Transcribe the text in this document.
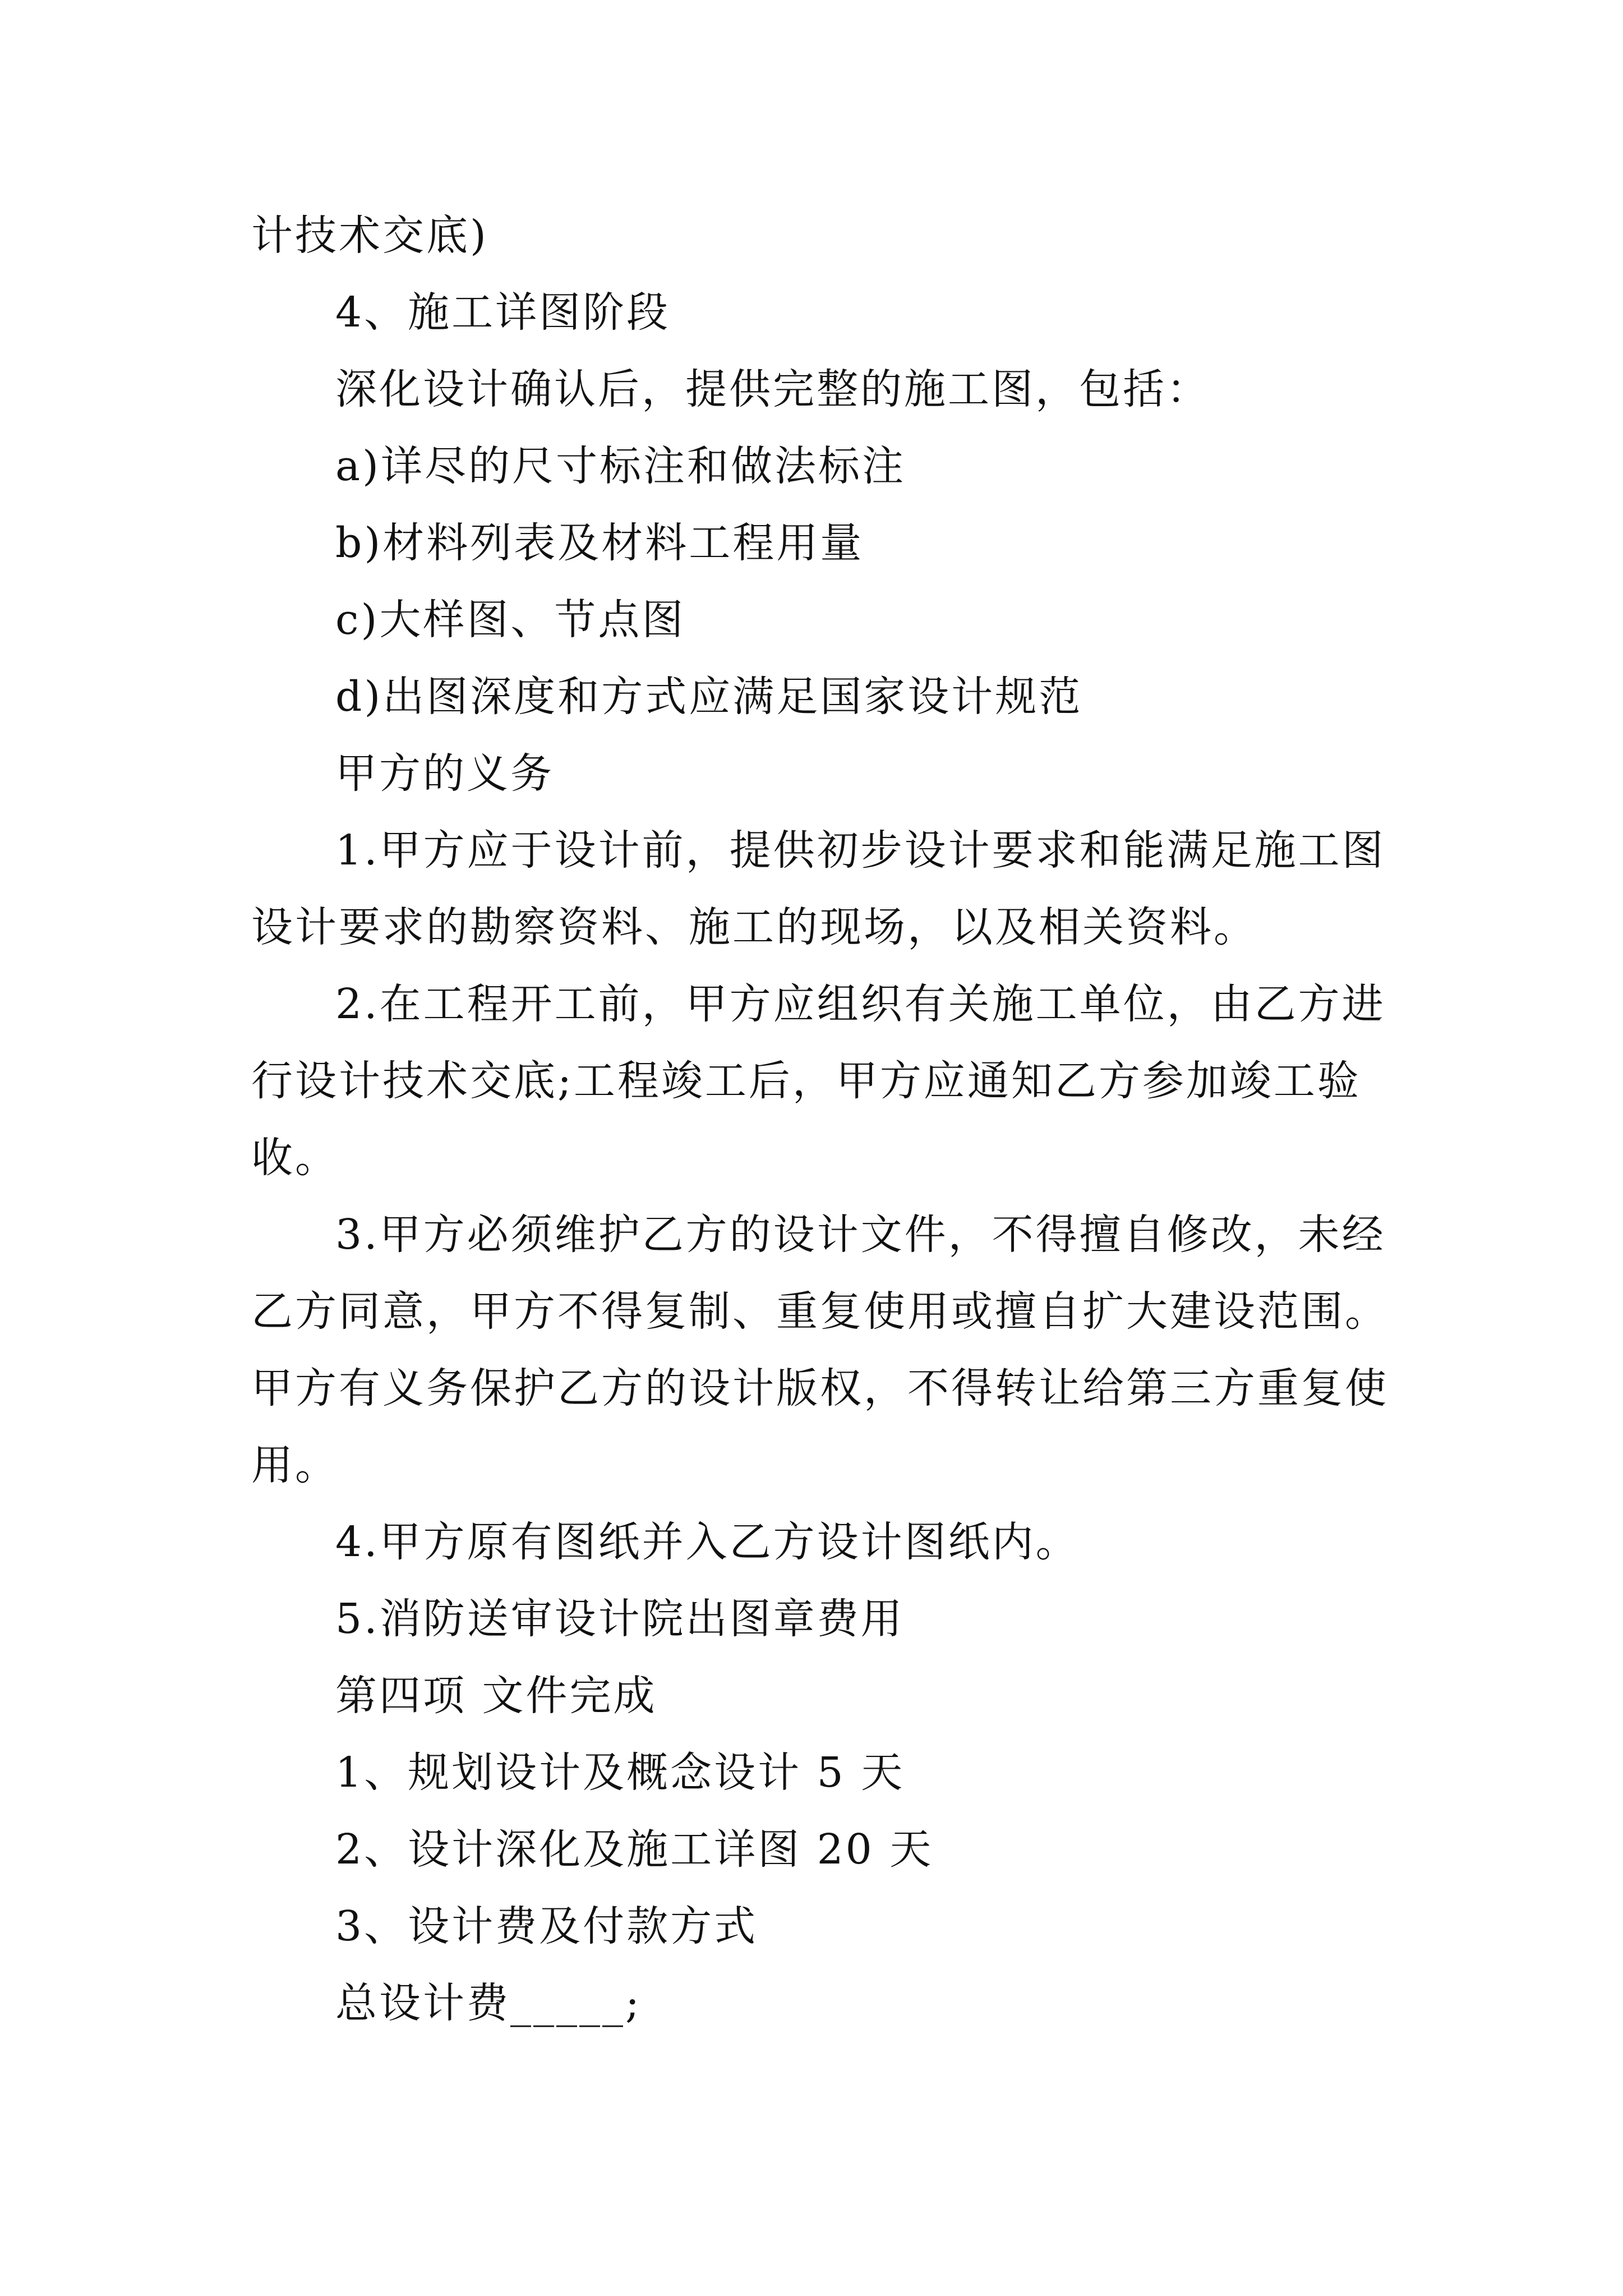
计技术交底)
4、施工详图阶段
深化设计确认后，提供完整的施工图，包括：
a)详尽的尺寸标注和做法标注
b)材料列表及材料工程用量
c)大样图、节点图
d)出图深度和方式应满足国家设计规范
甲方的义务
1.甲方应于设计前，提供初步设计要求和能满足施工图
设计要求的勘察资料、施工的现场，以及相关资料。
2.在工程开工前，甲方应组织有关施工单位，由乙方进
行设计技术交底;工程竣工后，甲方应通知乙方参加竣工验
收。
3.甲方必须维护乙方的设计文件，不得擅自修改，未经
乙方同意，甲方不得复制、重复使用或擅自扩大建设范围。
甲方有义务保护乙方的设计版权，不得转让给第三方重复使
用。
4.甲方原有图纸并入乙方设计图纸内。
5.消防送审设计院出图章费用
第四项 文件完成
1、规划设计及概念设计 5 天
2、设计深化及施工详图 20 天
3、设计费及付款方式
总设计费_____;
